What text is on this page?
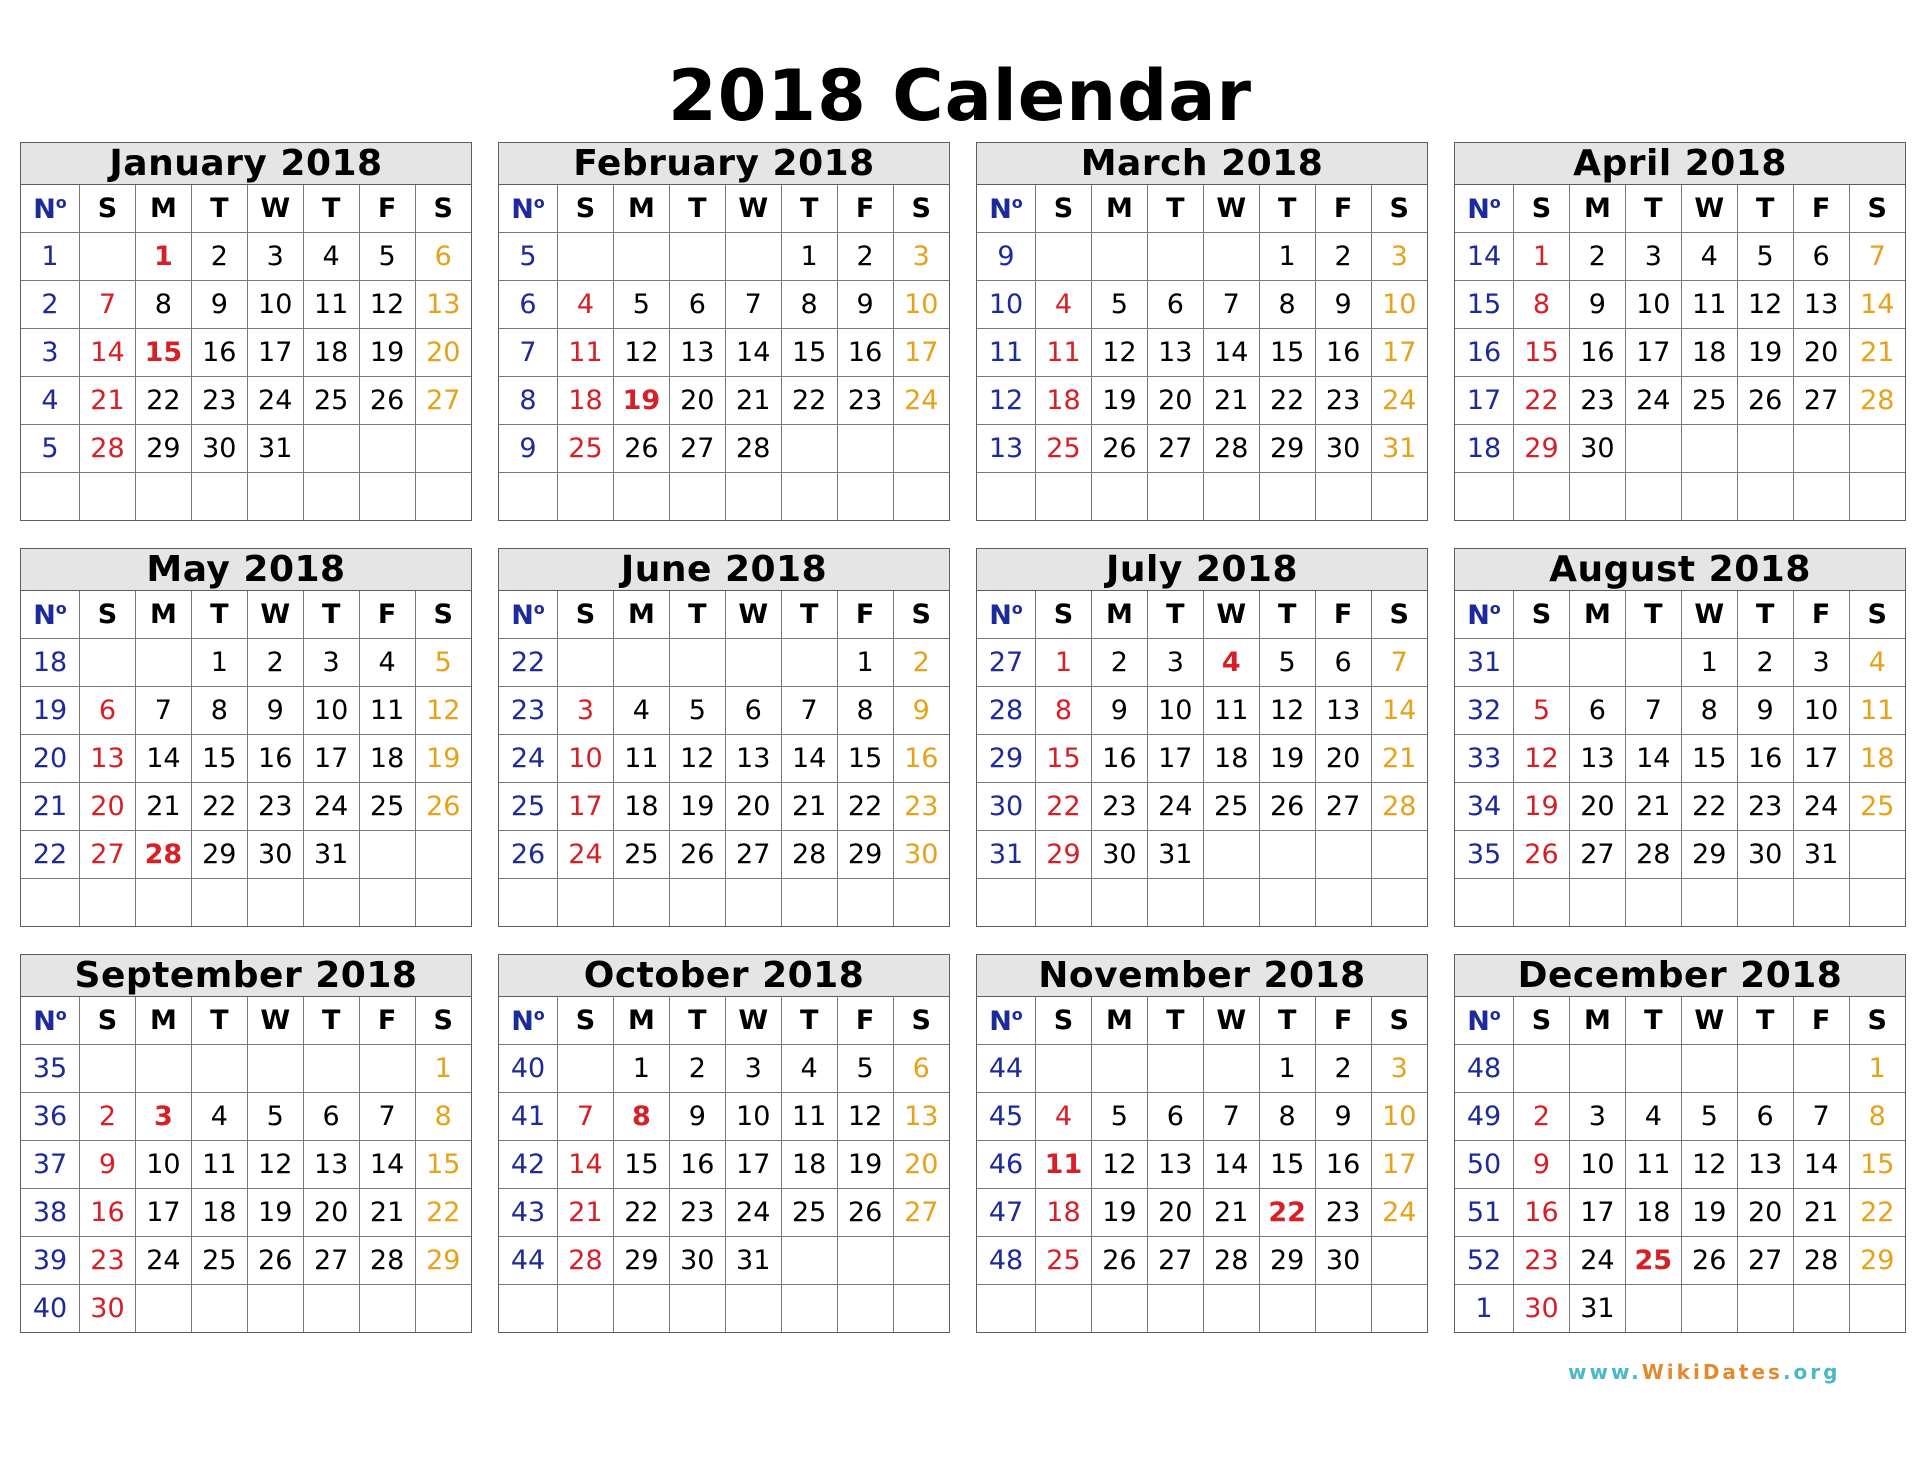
2018 Calendar
January 2018
$N^o$	S	M	T	W	T	F	S
1		1	2	3	4	5	6
2	7	8	9	10	11	12	13
3	14	15	16	17	18	19	20
4	21	22	23	24	25	26	27
5	28	29	30	31			

February 2018
$N^o$	S	M	T	W	T	F	S
5					1	2	3
6	4	5	6	7	8	9	10
7	11	12	13	14	15	16	17
8	18	19	20	21	22	23	24
9	25	26	27	28			

March 2018
$N^o$	S	M	T	W	T	F	S
9					1	2	3
10	4	5	6	7	8	9	10
11	11	12	13	14	15	16	17
12	18	19	20	21	22	23	24
13	25	26	27	28	29	30	31

April 2018
$N^o$	S	M	T	W	T	F	S
14	1	2	3	4	5	6	7
15	8	9	10	11	12	13	14
16	15	16	17	18	19	20	21
17	22	23	24	25	26	27	28
18	29	30					

May 2018
$N^o$	S	M	T	W	T	F	S
18			1	2	3	4	5
19	6	7	8	9	10	11	12
20	13	14	15	16	17	18	19
21	20	21	22	23	24	25	26
22	27	28	29	30	31		

June 2018
$N^o$	S	M	T	W	T	F	S
22						1	2
23	3	4	5	6	7	8	9
24	10	11	12	13	14	15	16
25	17	18	19	20	21	22	23
26	24	25	26	27	28	29	30

July 2018
$N^o$	S	M	T	W	T	F	S
27	1	2	3	4	5	6	7
28	8	9	10	11	12	13	14
29	15	16	17	18	19	20	21
30	22	23	24	25	26	27	28
31	29	30	31				

August 2018
$N^o$	S	M	T	W	T	F	S
31				1	2	3	4
32	5	6	7	8	9	10	11
33	12	13	14	15	16	17	18
34	19	20	21	22	23	24	25
35	26	27	28	29	30	31	

September 2018
$N^o$	S	M	T	W	T	F	S
35							1
36	2	3	4	5	6	7	8
37	9	10	11	12	13	14	15
38	16	17	18	19	20	21	22
39	23	24	25	26	27	28	29
40	30						
October 2018
$N^o$	S	M	T	W	T	F	S
40		1	2	3	4	5	6
41	7	8	9	10	11	12	13
42	14	15	16	17	18	19	20
43	21	22	23	24	25	26	27
44	28	29	30	31			

November 2018
$N^o$	S	M	T	W	T	F	S
44					1	2	3
45	4	5	6	7	8	9	10
46	11	12	13	14	15	16	17
47	18	19	20	21	22	23	24
48	25	26	27	28	29	30	

December 2018
$N^o$	S	M	T	W	T	F	S
48							1
49	2	3	4	5	6	7	8
50	9	10	11	12	13	14	15
51	16	17	18	19	20	21	22
52	23	24	25	26	27	28	29
1	30	31					
www.WikiDates.org
